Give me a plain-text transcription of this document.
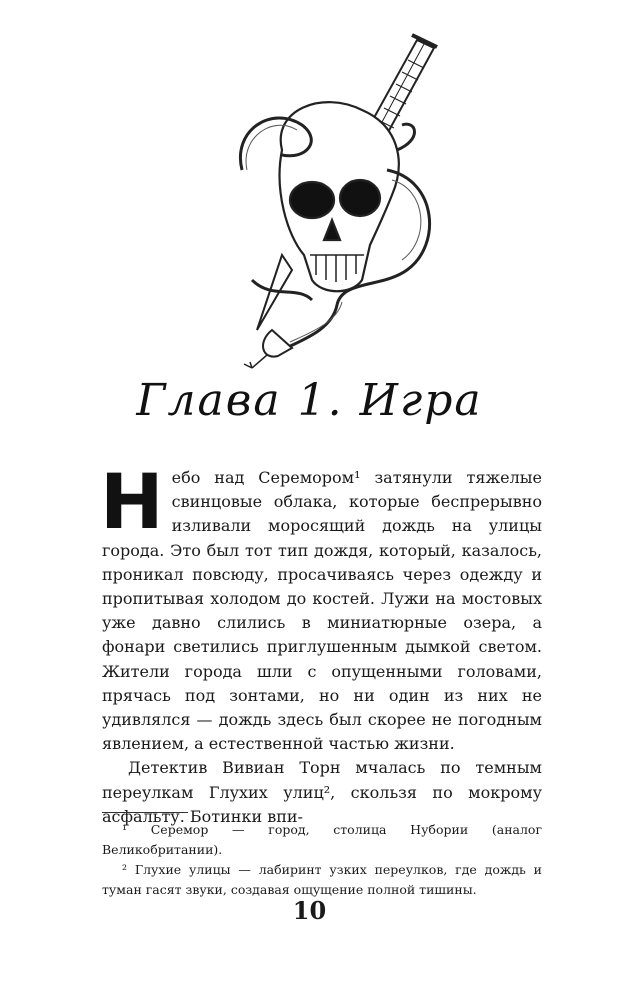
Глава 1. Игра

Небо над Серемором¹ затянули тяжелые свинцовые облака, которые беспрерывно изливали моросящий дождь на улицы города. Это был тот тип дождя, который, казалось, проникал повсюду, просачиваясь через одежду и пропитывая холодом до костей. Лужи на мостовых уже давно слились в миниатюрные озера, а фонари светились приглушенным дымкой светом. Жители города шли с опущенными головами, прячась под зонтами, но ни один из них не удивлялся — дождь здесь был скорее не погодным явлением, а естественной частью жизни.

Детектив Вивиан Торн мчалась по темным переулкам Глухих улиц², скользя по мокрому асфальту. Ботинки впи-

¹ Серемор — город, столица Нубории (аналог Великобритании).

² Глухие улицы — лабиринт узких переулков, где дождь и туман гасят звуки, создавая ощущение полной тишины.

10
